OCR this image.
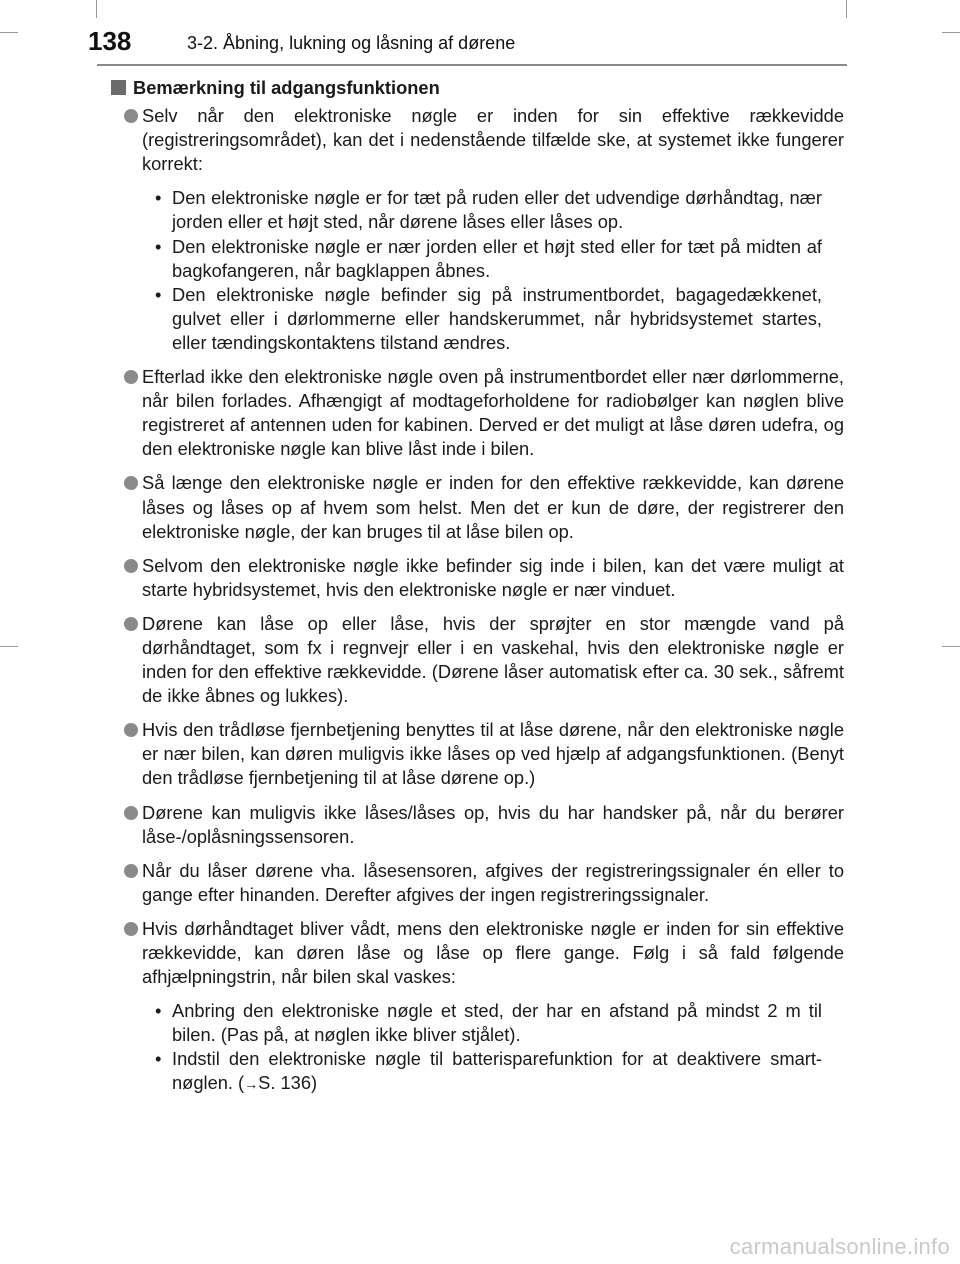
138	3-2. Åbning, lukning og låsning af dørene
Bemærkning til adgangsfunktionen

Selv når den elektroniske nøgle er inden for sin effektive rækkevidde (registreringsområdet), kan det i nedenstående tilfælde ske, at systemet ikke fungerer korrekt:

• Den elektroniske nøgle er for tæt på ruden eller det udvendige dørhåndtag, nær jorden eller et højt sted, når dørene låses eller låses op.
• Den elektroniske nøgle er nær jorden eller et højt sted eller for tæt på midten af bagkofangeren, når bagklappen åbnes.
• Den elektroniske nøgle befinder sig på instrumentbordet, bagagedækkenet, gulvet eller i dørlommerne eller handskerummet, når hybridsystemet startes, eller tændingskontaktens tilstand ændres.

Efterlad ikke den elektroniske nøgle oven på instrumentbordet eller nær dørlommerne, når bilen forlades. Afhængigt af modtageforholdene for radiobølger kan nøglen blive registreret af antennen uden for kabinen. Derved er det muligt at låse døren udefra, og den elektroniske nøgle kan blive låst inde i bilen.

Så længe den elektroniske nøgle er inden for den effektive rækkevidde, kan dørene låses og låses op af hvem som helst. Men det er kun de døre, der registrerer den elektroniske nøgle, der kan bruges til at låse bilen op.

Selvom den elektroniske nøgle ikke befinder sig inde i bilen, kan det være muligt at starte hybridsystemet, hvis den elektroniske nøgle er nær vinduet.

Dørene kan låse op eller låse, hvis der sprøjter en stor mængde vand på dørhåndtaget, som fx i regnvejr eller i en vaskehal, hvis den elektroniske nøgle er inden for den effektive rækkevidde. (Dørene låser automatisk efter ca. 30 sek., såfremt de ikke åbnes og lukkes).

Hvis den trådløse fjernbetjening benyttes til at låse dørene, når den elektroniske nøgle er nær bilen, kan døren muligvis ikke låses op ved hjælp af adgangsfunktionen. (Benyt den trådløse fjernbetjening til at låse dørene op.)

Dørene kan muligvis ikke låses/låses op, hvis du har handsker på, når du berører låse-/oplåsningssensoren.

Når du låser dørene vha. låsesensoren, afgives der registreringssignaler én eller to gange efter hinanden. Derefter afgives der ingen registreringssignaler.

Hvis dørhåndtaget bliver vådt, mens den elektroniske nøgle er inden for sin effektive rækkevidde, kan døren låse og låse op flere gange. Følg i så fald følgende afhjælpningstrin, når bilen skal vaskes:

• Anbring den elektroniske nøgle et sted, der har en afstand på mindst 2 m til bilen. (Pas på, at nøglen ikke bliver stjålet).
• Indstil den elektroniske nøgle til batterisparefunktion for at deaktivere smart-nøglen. (→S. 136)
carmanualsonline.info
